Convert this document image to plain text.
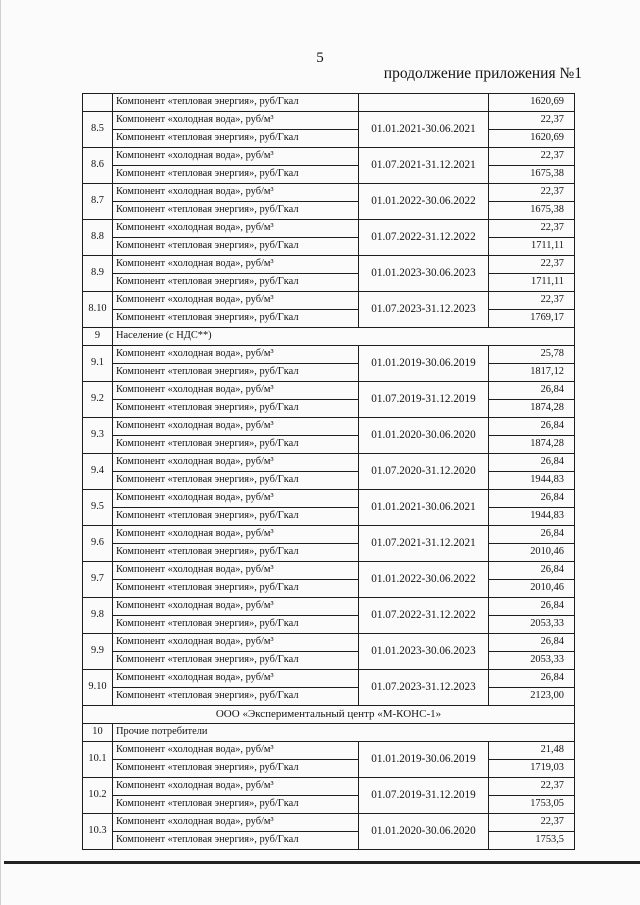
5
продолжение приложения №1
	Компонент «тепловая энергия», руб/Гкал		1620,69
8.5	Компонент «холодная вода», руб/м³	01.01.2021-30.06.2021	22,37
	Компонент «тепловая энергия», руб/Гкал		1620,69
8.6	Компонент «холодная вода», руб/м³	01.07.2021-31.12.2021	22,37
	Компонент «тепловая энергия», руб/Гкал		1675,38
8.7	Компонент «холодная вода», руб/м³	01.01.2022-30.06.2022	22,37
	Компонент «тепловая энергия», руб/Гкал		1675,38
8.8	Компонент «холодная вода», руб/м³	01.07.2022-31.12.2022	22,37
	Компонент «тепловая энергия», руб/Гкал		1711,11
8.9	Компонент «холодная вода», руб/м³	01.01.2023-30.06.2023	22,37
	Компонент «тепловая энергия», руб/Гкал		1711,11
8.10	Компонент «холодная вода», руб/м³	01.07.2023-31.12.2023	22,37
	Компонент «тепловая энергия», руб/Гкал		1769,17
9	Население (с НДС**)		
9.1	Компонент «холодная вода», руб/м³	01.01.2019-30.06.2019	25,78
	Компонент «тепловая энергия», руб/Гкал		1817,12
9.2	Компонент «холодная вода», руб/м³	01.07.2019-31.12.2019	26,84
	Компонент «тепловая энергия», руб/Гкал		1874,28
9.3	Компонент «холодная вода», руб/м³	01.01.2020-30.06.2020	26,84
	Компонент «тепловая энергия», руб/Гкал		1874,28
9.4	Компонент «холодная вода», руб/м³	01.07.2020-31.12.2020	26,84
	Компонент «тепловая энергия», руб/Гкал		1944,83
9.5	Компонент «холодная вода», руб/м³	01.01.2021-30.06.2021	26,84
	Компонент «тепловая энергия», руб/Гкал		1944,83
9.6	Компонент «холодная вода», руб/м³	01.07.2021-31.12.2021	26,84
	Компонент «тепловая энергия», руб/Гкал		2010,46
9.7	Компонент «холодная вода», руб/м³	01.01.2022-30.06.2022	26,84
	Компонент «тепловая энергия», руб/Гкал		2010,46
9.8	Компонент «холодная вода», руб/м³	01.07.2022-31.12.2022	26,84
	Компонент «тепловая энергия», руб/Гкал		2053,33
9.9	Компонент «холодная вода», руб/м³	01.01.2023-30.06.2023	26,84
	Компонент «тепловая энергия», руб/Гкал		2053,33
9.10	Компонент «холодная вода», руб/м³	01.07.2023-31.12.2023	26,84
	Компонент «тепловая энергия», руб/Гкал		2123,00
ООО «Экспериментальный центр «М-КОНС-1»			
10	Прочие потребители		
10.1	Компонент «холодная вода», руб/м³	01.01.2019-30.06.2019	21,48
	Компонент «тепловая энергия», руб/Гкал		1719,03
10.2	Компонент «холодная вода», руб/м³	01.07.2019-31.12.2019	22,37
	Компонент «тепловая энергия», руб/Гкал		1753,05
10.3	Компонент «холодная вода», руб/м³	01.01.2020-30.06.2020	22,37
	Компонент «тепловая энергия», руб/Гкал		1753,5
